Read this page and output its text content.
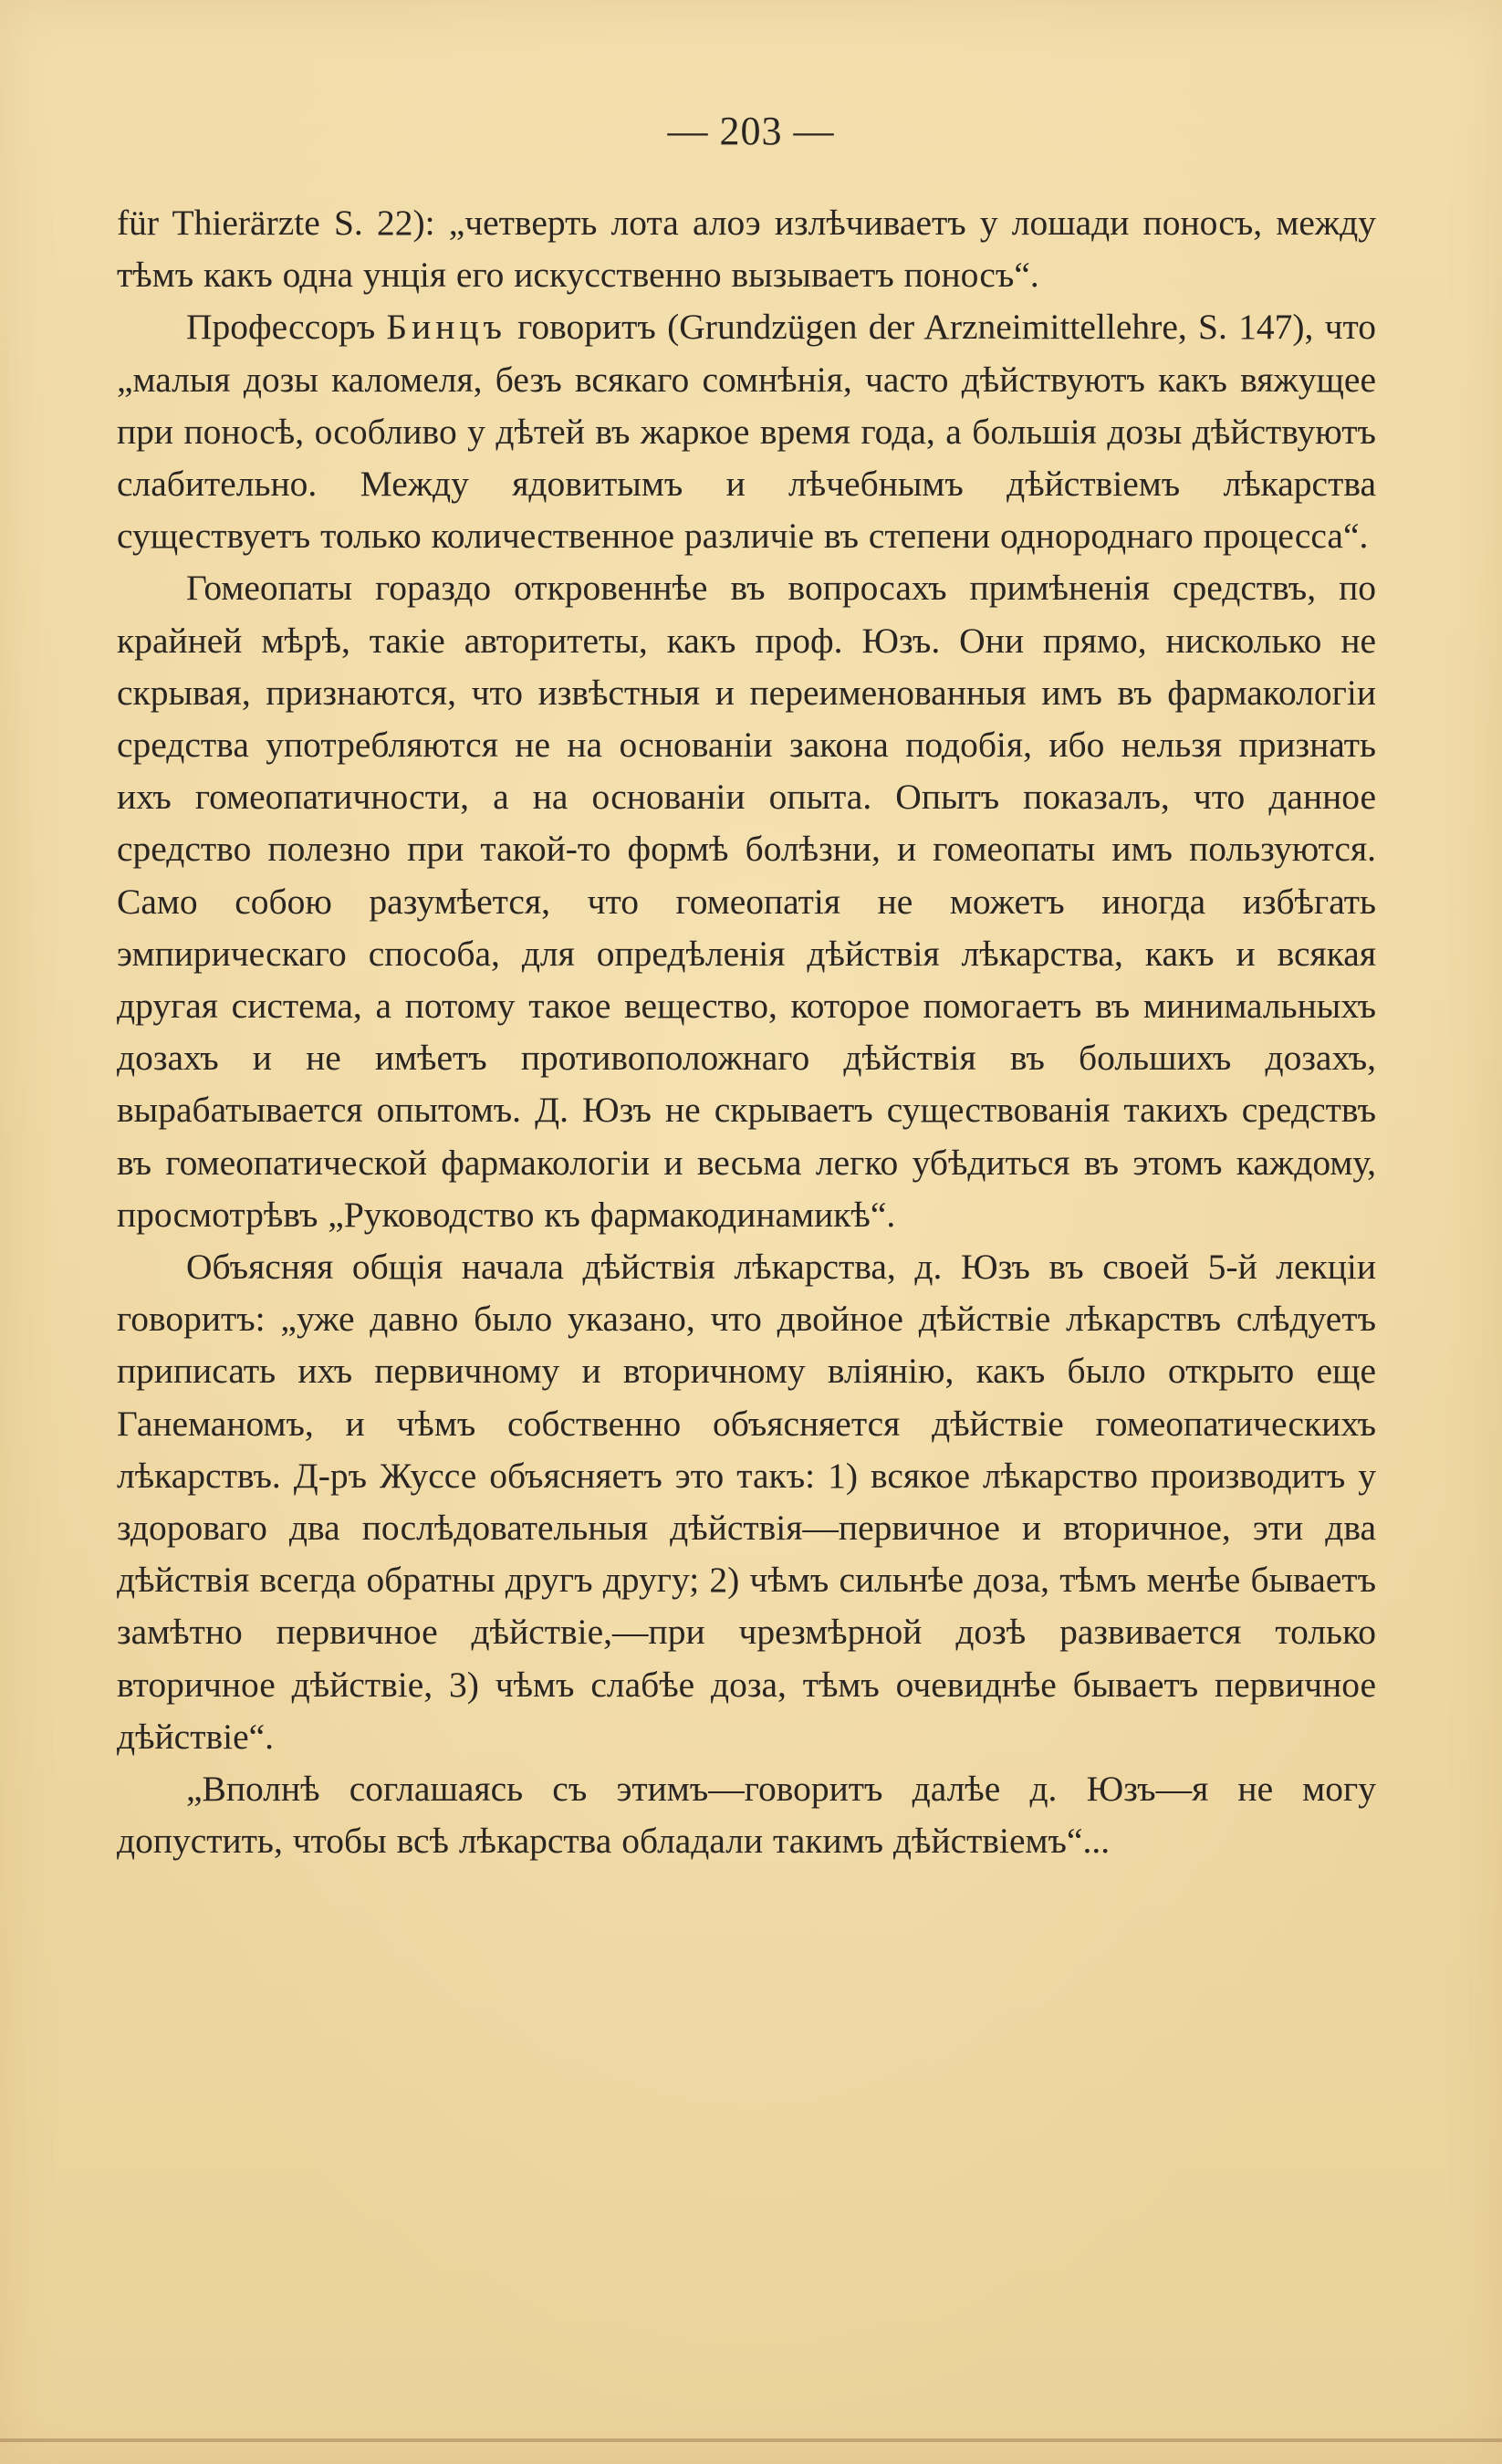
— 203 —

für Thierärzte S. 22): „четверть лота алоэ излѣчиваетъ у лошади поносъ, между тѣмъ какъ одна унція его искусственно вызываетъ поносъ“.

Профессоръ Бинцъ говоритъ (Grundzügen der Arzneimittellehre, S. 147), что „малыя дозы каломеля, безъ всякаго сомнѣнія, часто дѣйствуютъ какъ вяжущее при поносѣ, особливо у дѣтей въ жаркое время года, а большія дозы дѣйствуютъ слабительно. Между ядовитымъ и лѣчебнымъ дѣйствіемъ лѣкарства существуетъ только количественное различіе въ степени однороднаго процесса“.

Гомеопаты гораздо откровеннѣе въ вопросахъ примѣненія средствъ, по крайней мѣрѣ, такіе авторитеты, какъ проф. Юзъ. Они прямо, нисколько не скрывая, признаются, что извѣстныя и переименованныя имъ въ фармакологіи средства употребляются не на основаніи закона подобія, ибо нельзя признать ихъ гомеопатичности, а на основаніи опыта. Опытъ показалъ, что данное средство полезно при такой-то формѣ болѣзни, и гомеопаты имъ пользуются. Само собою разумѣется, что гомеопатія не можетъ иногда избѣгать эмпирическаго способа, для опредѣленія дѣйствія лѣкарства, какъ и всякая другая система, а потому такое вещество, которое помогаетъ въ минимальныхъ дозахъ и не имѣетъ противоположнаго дѣйствія въ большихъ дозахъ, вырабатывается опытомъ. Д. Юзъ не скрываетъ существованія такихъ средствъ въ гомеопатической фармакологіи и весьма легко убѣдиться въ этомъ каждому, просмотрѣвъ „Руководство къ фармакодинамикѣ“.

Объясняя общія начала дѣйствія лѣкарства, д. Юзъ въ своей 5-й лекціи говоритъ: „уже давно было указано, что двойное дѣйствіе лѣкарствъ слѣдуетъ приписать ихъ первичному и вторичному вліянію, какъ было открыто еще Ганеманомъ, и чѣмъ собственно объясняется дѣйствіе гомеопатическихъ лѣкарствъ. Д-ръ Жуссе объясняетъ это такъ: 1) всякое лѣкарство производитъ у здороваго два послѣдовательныя дѣйствія—первичное и вторичное, эти два дѣйствія всегда обратны другъ другу; 2) чѣмъ сильнѣе доза, тѣмъ менѣе бываетъ замѣтно первичное дѣйствіе,—при чрезмѣрной дозѣ развивается только вторичное дѣйствіе, 3) чѣмъ слабѣе доза, тѣмъ очевиднѣе бываетъ первичное дѣйствіе“.

„Вполнѣ соглашаясь съ этимъ—говоритъ далѣе д. Юзъ—я не могу допустить, чтобы всѣ лѣкарства обладали такимъ дѣйствіемъ“...
